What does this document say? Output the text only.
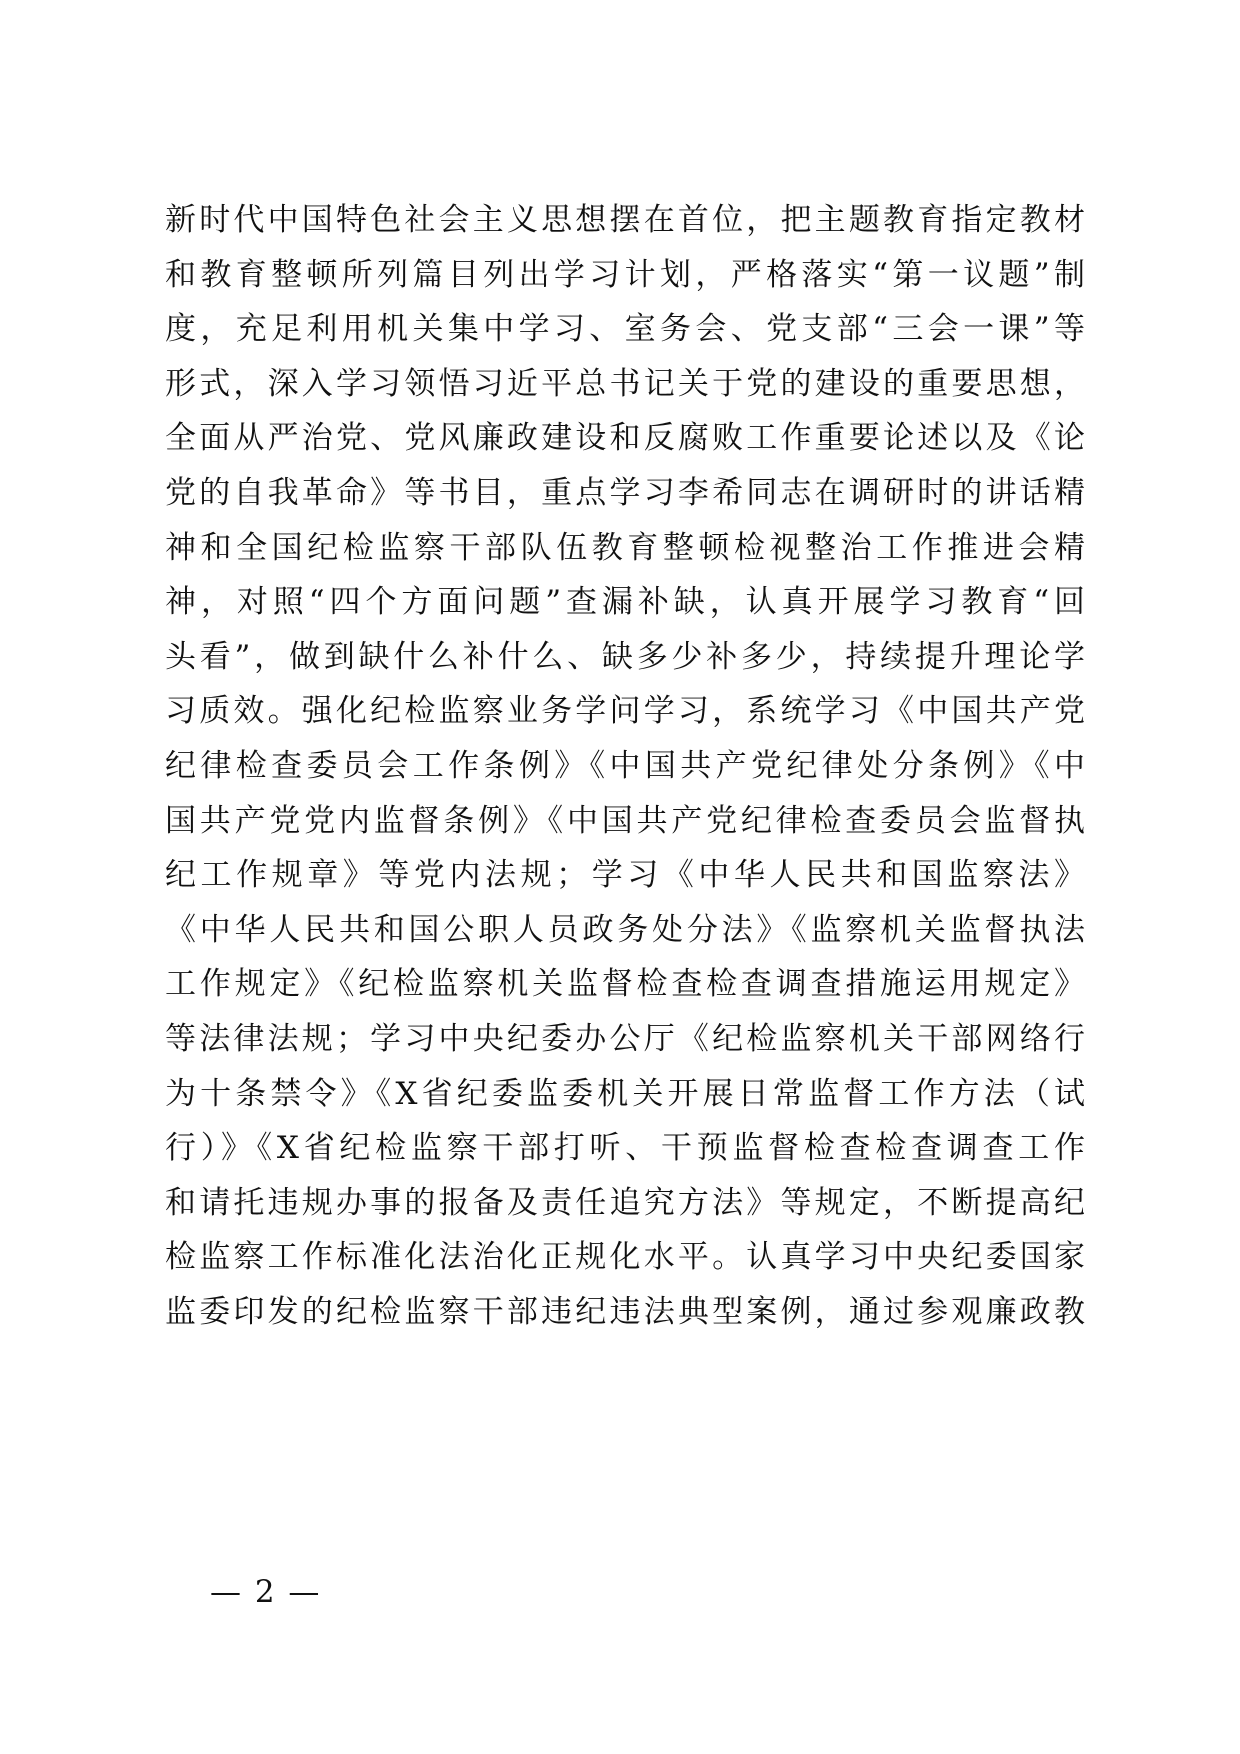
新时代中国特色社会主义思想摆在首位，把主题教育指定教材
和教育整顿所列篇目列出学习计划，严格落实“第一议题”制
度，充足利用机关集中学习、室务会、党支部“三会一课”等
形式，深入学习领悟习近平总书记关于党的建设的重要思想，
全面从严治党、党风廉政建设和反腐败工作重要论述以及《论
党的自我革命》等书目，重点学习李希同志在调研时的讲话精
神和全国纪检监察干部队伍教育整顿检视整治工作推进会精
神，对照“四个方面问题”查漏补缺，认真开展学习教育“回
头看”，做到缺什么补什么、缺多少补多少，持续提升理论学
习质效。强化纪检监察业务学问学习，系统学习《中国共产党
纪律检查委员会工作条例》《中国共产党纪律处分条例》《中
国共产党党内监督条例》《中国共产党纪律检查委员会监督执
纪工作规章》等党内法规；学习《中华人民共和国监察法》
《中华人民共和国公职人员政务处分法》《监察机关监督执法
工作规定》《纪检监察机关监督检查检查调查措施运用规定》
等法律法规；学习中央纪委办公厅《纪检监察机关干部网络行
为十条禁令》《X省纪委监委机关开展日常监督工作方法（试
行）》《X省纪检监察干部打听、干预监督检查检查调查工作
和请托违规办事的报备及责任追究方法》等规定，不断提高纪
检监察工作标准化法治化正规化水平。认真学习中央纪委国家
监委印发的纪检监察干部违纪违法典型案例，通过参观廉政教
— 2 —
